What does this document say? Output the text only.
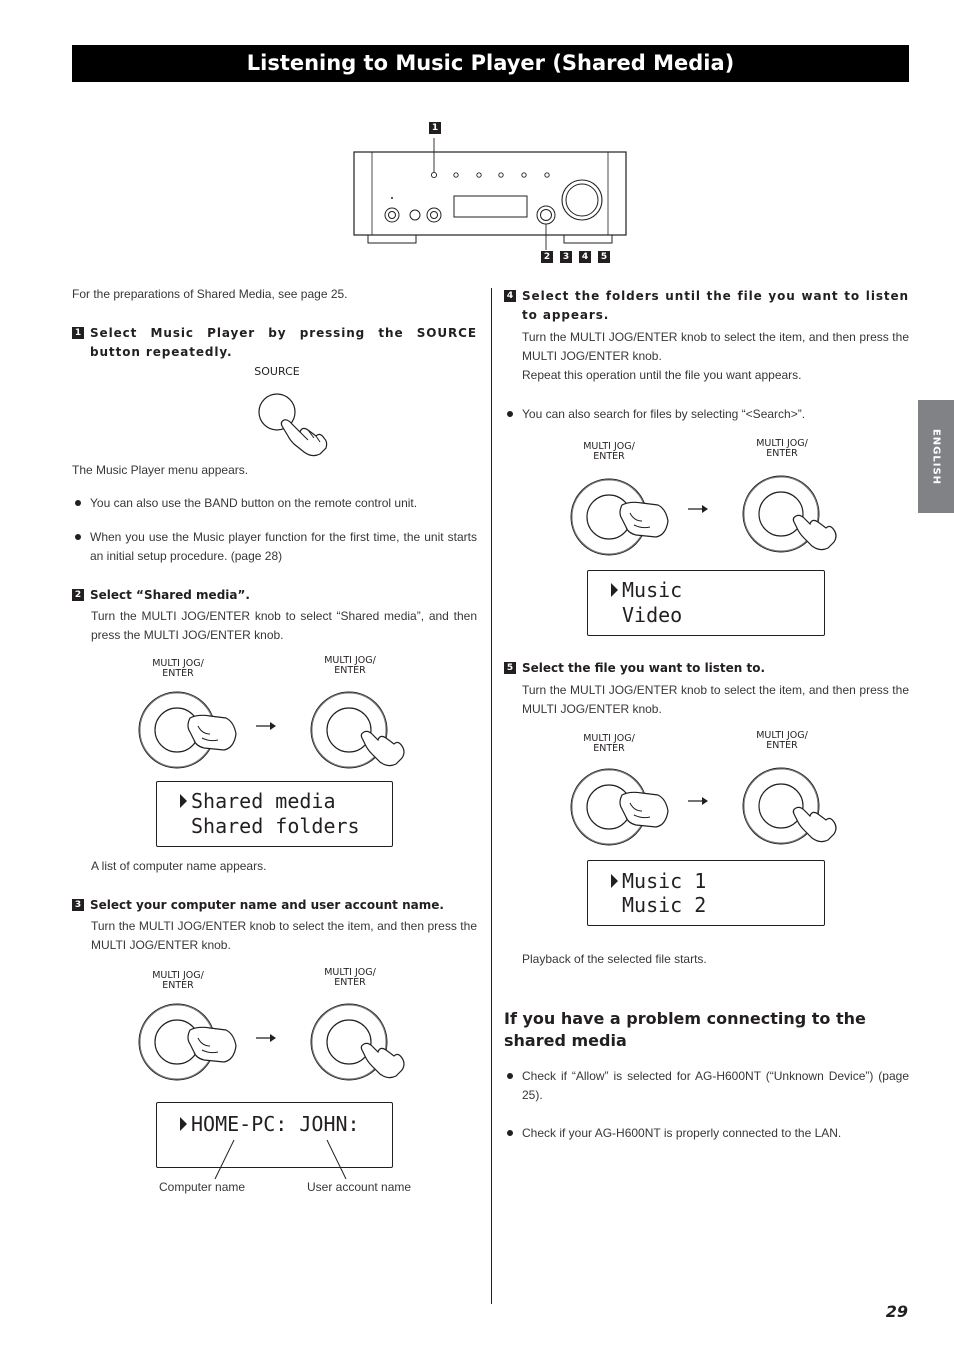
Listening to Music Player (Shared Media)
ENGLISH
1
2	3	4	5
For the preparations of Shared Media, see page 25.
1 Select Music Player by pressing the SOURCE button repeatedly.
SOURCE
The Music Player menu appears.
You can also use the BAND button on the remote control unit.
When you use the Music player function for the first time, the unit starts an initial setup procedure. (page 28)
2 Select “Shared media”.
Turn the MULTI JOG/ENTER knob to select “Shared media”, and then press the MULTI JOG/ENTER knob.
MULTI JOG/
ENTER
MULTI JOG/
ENTER
Shared media
Shared folders
A list of computer name appears.
3 Select your computer name and user account name.
Turn the MULTI JOG/ENTER knob to select the item, and then press the MULTI JOG/ENTER knob.
MULTI JOG/
ENTER
MULTI JOG/
ENTER
HOME-PC: JOHN:
Computer name	User account name
4 Select the folders until the file you want to listen to appears.
Turn the MULTI JOG/ENTER knob to select the item, and then press the MULTI JOG/ENTER knob.
Repeat this operation until the file you want appears.
You can also search for files by selecting “<Search>”.
MULTI JOG/
ENTER
MULTI JOG/
ENTER
Music
Video
5 Select the file you want to listen to.
Turn the MULTI JOG/ENTER knob to select the item, and then press the MULTI JOG/ENTER knob.
MULTI JOG/
ENTER
MULTI JOG/
ENTER
Music 1
Music 2
Playback of the selected file starts.
If you have a problem connecting to the shared media
Check if “Allow” is selected for AG-H600NT (“Unknown Device”) (page 25).
Check if your AG-H600NT is properly connected to the LAN.
29
